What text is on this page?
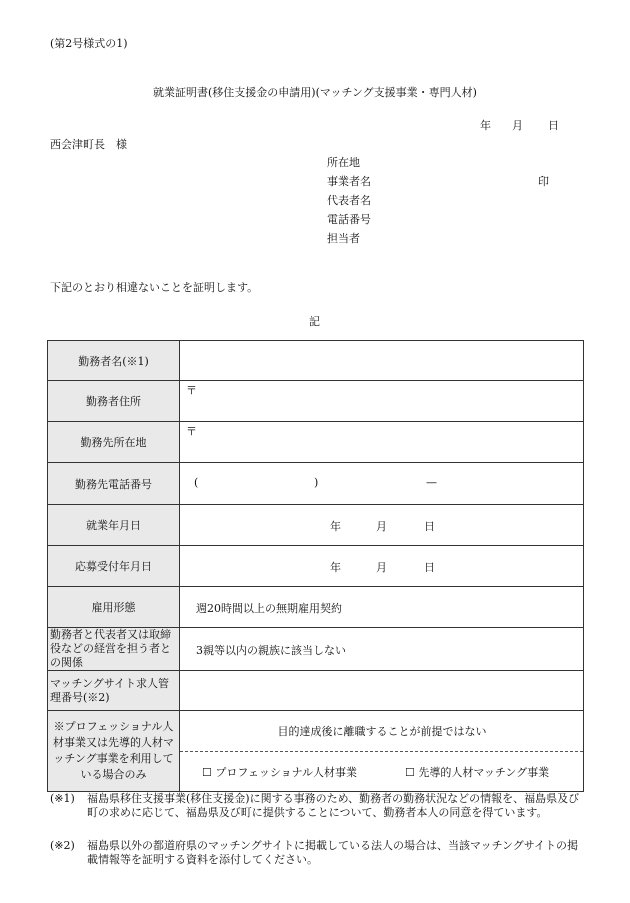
(第2号様式の1)
就業証明書(移住支援金の申請用)(マッチング支援事業・専門人材)
年 月 日
西会津町長　様
所在地
事業者名	印
代表者名
電話番号
担当者
下記のとおり相違ないことを証明します。
記
勤務者名(※1)	
勤務者住所	〒

勤務先所在地	〒

勤務先電話番号	( ) —

就業年月日	年 月 日

応募受付年月日	年 月 日

雇用形態	週20時間以上の無期雇用契約

勤務者と代表者又は取締役などの経営を担う者との関係	3親等以内の親族に該当しない

マッチングサイト求人管理番号(※2)	
※プロフェッショナル人材事業又は先導的人材マッチング事業を利用している場合のみ	目的達成後に離職することが前提ではない
☐ プロフェッショナル人材事業 ☐ 先導的人材マッチング事業
(※1) 福島県移住支援事業(移住支援金)に関する事務のため、勤務者の勤務状況などの情報を、福島県及び町の求めに応じて、福島県及び町に提供することについて、勤務者本人の同意を得ています。
(※2) 福島県以外の都道府県のマッチングサイトに掲載している法人の場合は、当該マッチングサイトの掲載情報等を証明する資料を添付してください。
